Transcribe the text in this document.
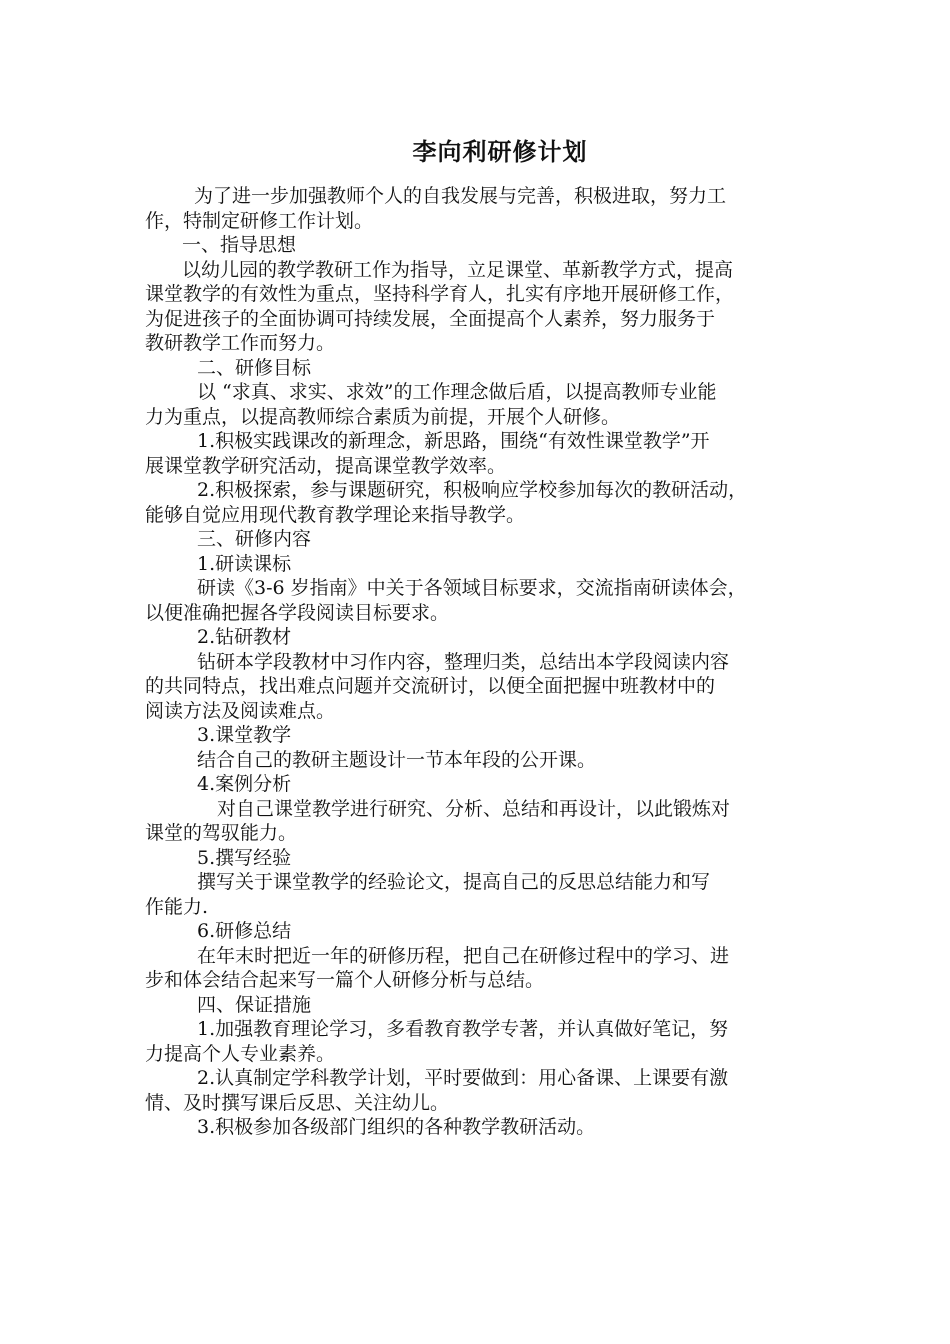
李向利研修计划
为了进一步加强教师个人的自我发展与完善，积极进取，努力工
作，特制定研修工作计划。
一、指导思想
以幼儿园的教学教研工作为指导，立足课堂、革新教学方式，提高
课堂教学的有效性为重点，坚持科学育人，扎实有序地开展研修工作，
为促进孩子的全面协调可持续发展，全面提高个人素养，努力服务于
教研教学工作而努力。
二、研修目标
以 “求真、求实、求效”的工作理念做后盾，以提高教师专业能
力为重点，以提高教师综合素质为前提，开展个人研修。
1.积极实践课改的新理念，新思路，围绕“有效性课堂教学”开
展课堂教学研究活动，提高课堂教学效率。
2.积极探索，参与课题研究，积极响应学校参加每次的教研活动，
能够自觉应用现代教育教学理论来指导教学。
三、研修内容
1.研读课标
研读《3-6 岁指南》中关于各领域目标要求，交流指南研读体会，
以便准确把握各学段阅读目标要求。
2.钻研教材
钻研本学段教材中习作内容，整理归类，总结出本学段阅读内容
的共同特点，找出难点问题并交流研讨，以便全面把握中班教材中的
阅读方法及阅读难点。
3.课堂教学
结合自己的教研主题设计一节本年段的公开课。
4.案例分析
对自己课堂教学进行研究、分析、总结和再设计，以此锻炼对
课堂的驾驭能力。
5.撰写经验
撰写关于课堂教学的经验论文，提高自己的反思总结能力和写
作能力.
6.研修总结
在年末时把近一年的研修历程，把自己在研修过程中的学习、进
步和体会结合起来写一篇个人研修分析与总结。
四、保证措施
1.加强教育理论学习，多看教育教学专著，并认真做好笔记，努
力提高个人专业素养。
2.认真制定学科教学计划，平时要做到：用心备课、上课要有激
情、及时撰写课后反思、关注幼儿。
3.积极参加各级部门组织的各种教学教研活动。
